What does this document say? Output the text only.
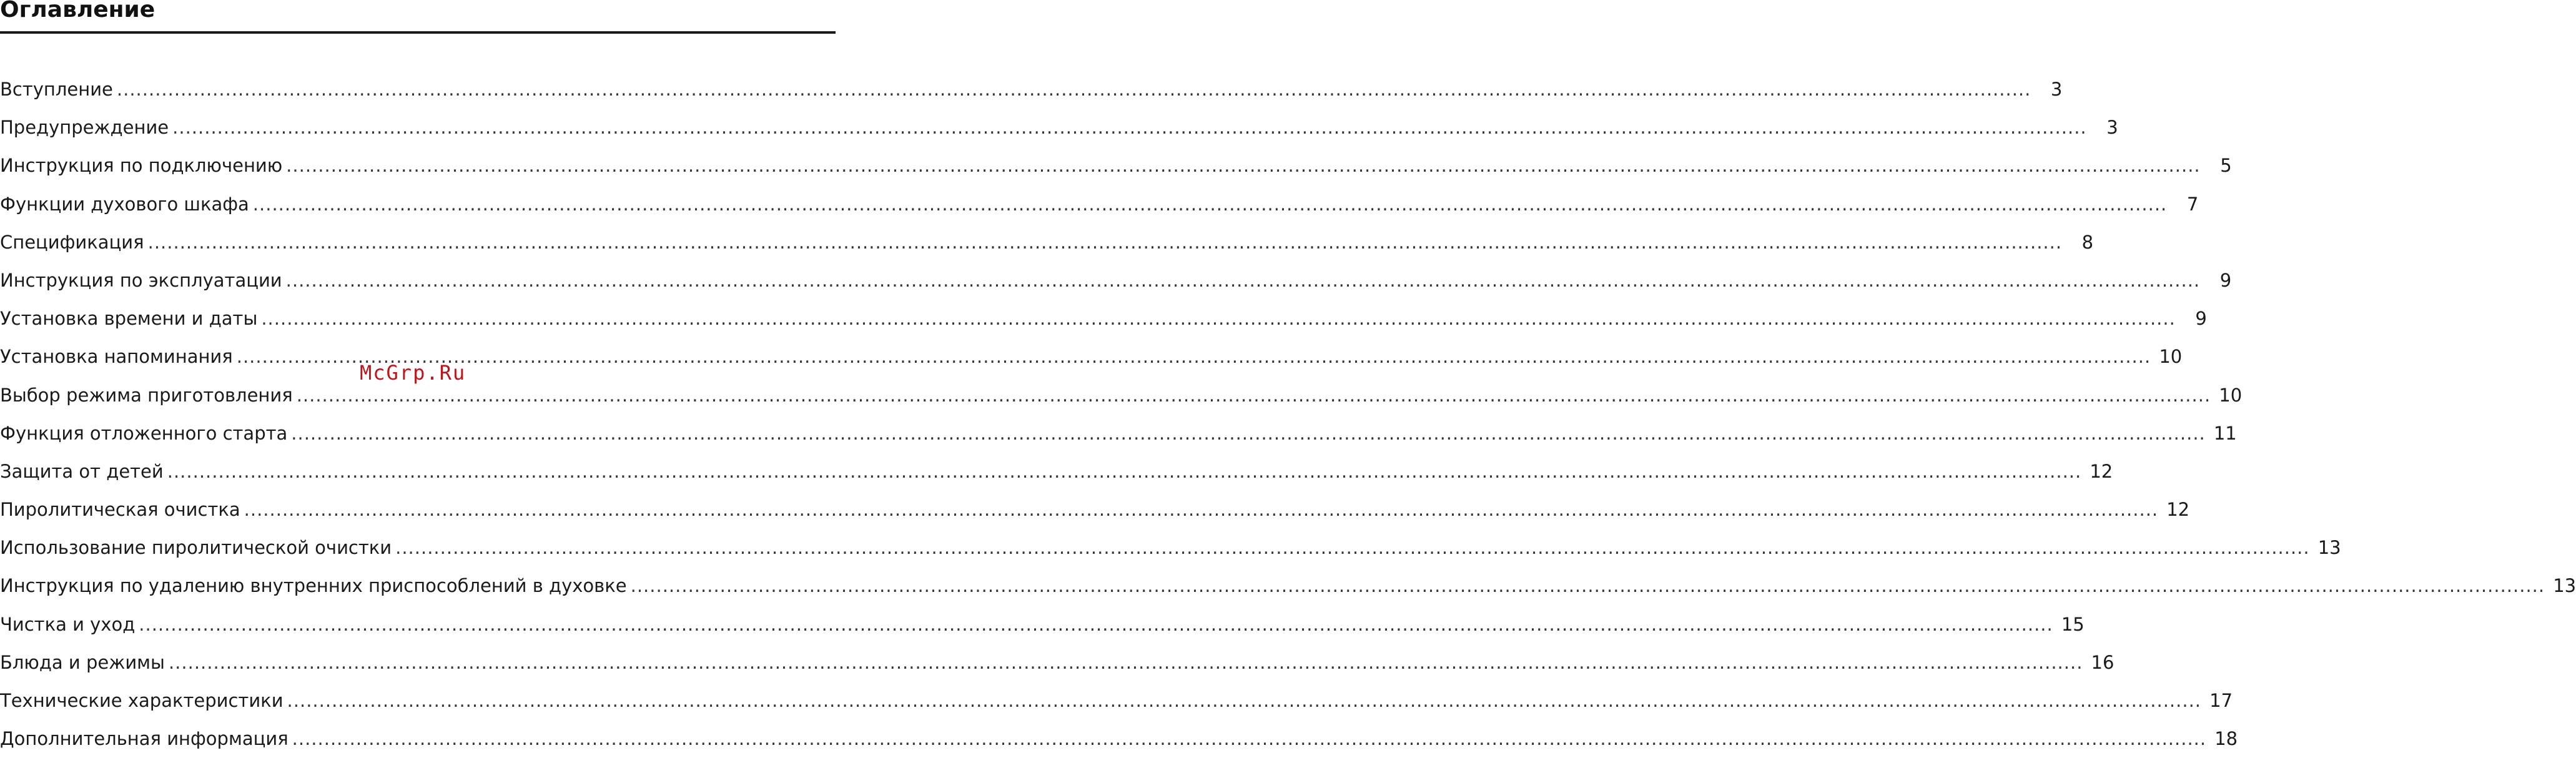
Оглавление
Вступление ............................................................................................................................................................................................................................................................................................................	3
Предупреждение ............................................................................................................................................................................................................................................................................................................	3
Инструкция по подключению ............................................................................................................................................................................................................................................................................................................	5
Функции духового шкафа ............................................................................................................................................................................................................................................................................................................	7
Спецификация ............................................................................................................................................................................................................................................................................................................	8
Инструкция по эксплуатации ............................................................................................................................................................................................................................................................................................................	9
Установка времени и даты ............................................................................................................................................................................................................................................................................................................	9
Установка напоминания ............................................................................................................................................................................................................................................................................................................ 10
Выбор режима приготовления ............................................................................................................................................................................................................................................................................................................ 10
Функция отложенного старта ............................................................................................................................................................................................................................................................................................................ 11
Защита от детей ............................................................................................................................................................................................................................................................................................................ 12
Пиролитическая очистка ............................................................................................................................................................................................................................................................................................................ 12
Использование пиролитической очистки ............................................................................................................................................................................................................................................................................................................ 13
Инструкция по удалению внутренних приспособлений в духовке ............................................................................................................................................................................................................................................................................................................ 13
Чистка и уход ............................................................................................................................................................................................................................................................................................................ 15
Блюда и режимы ............................................................................................................................................................................................................................................................................................................ 16
Технические характеристики ............................................................................................................................................................................................................................................................................................................ 17
Дополнительная информация ............................................................................................................................................................................................................................................................................................................ 18
McGrp.Ru
